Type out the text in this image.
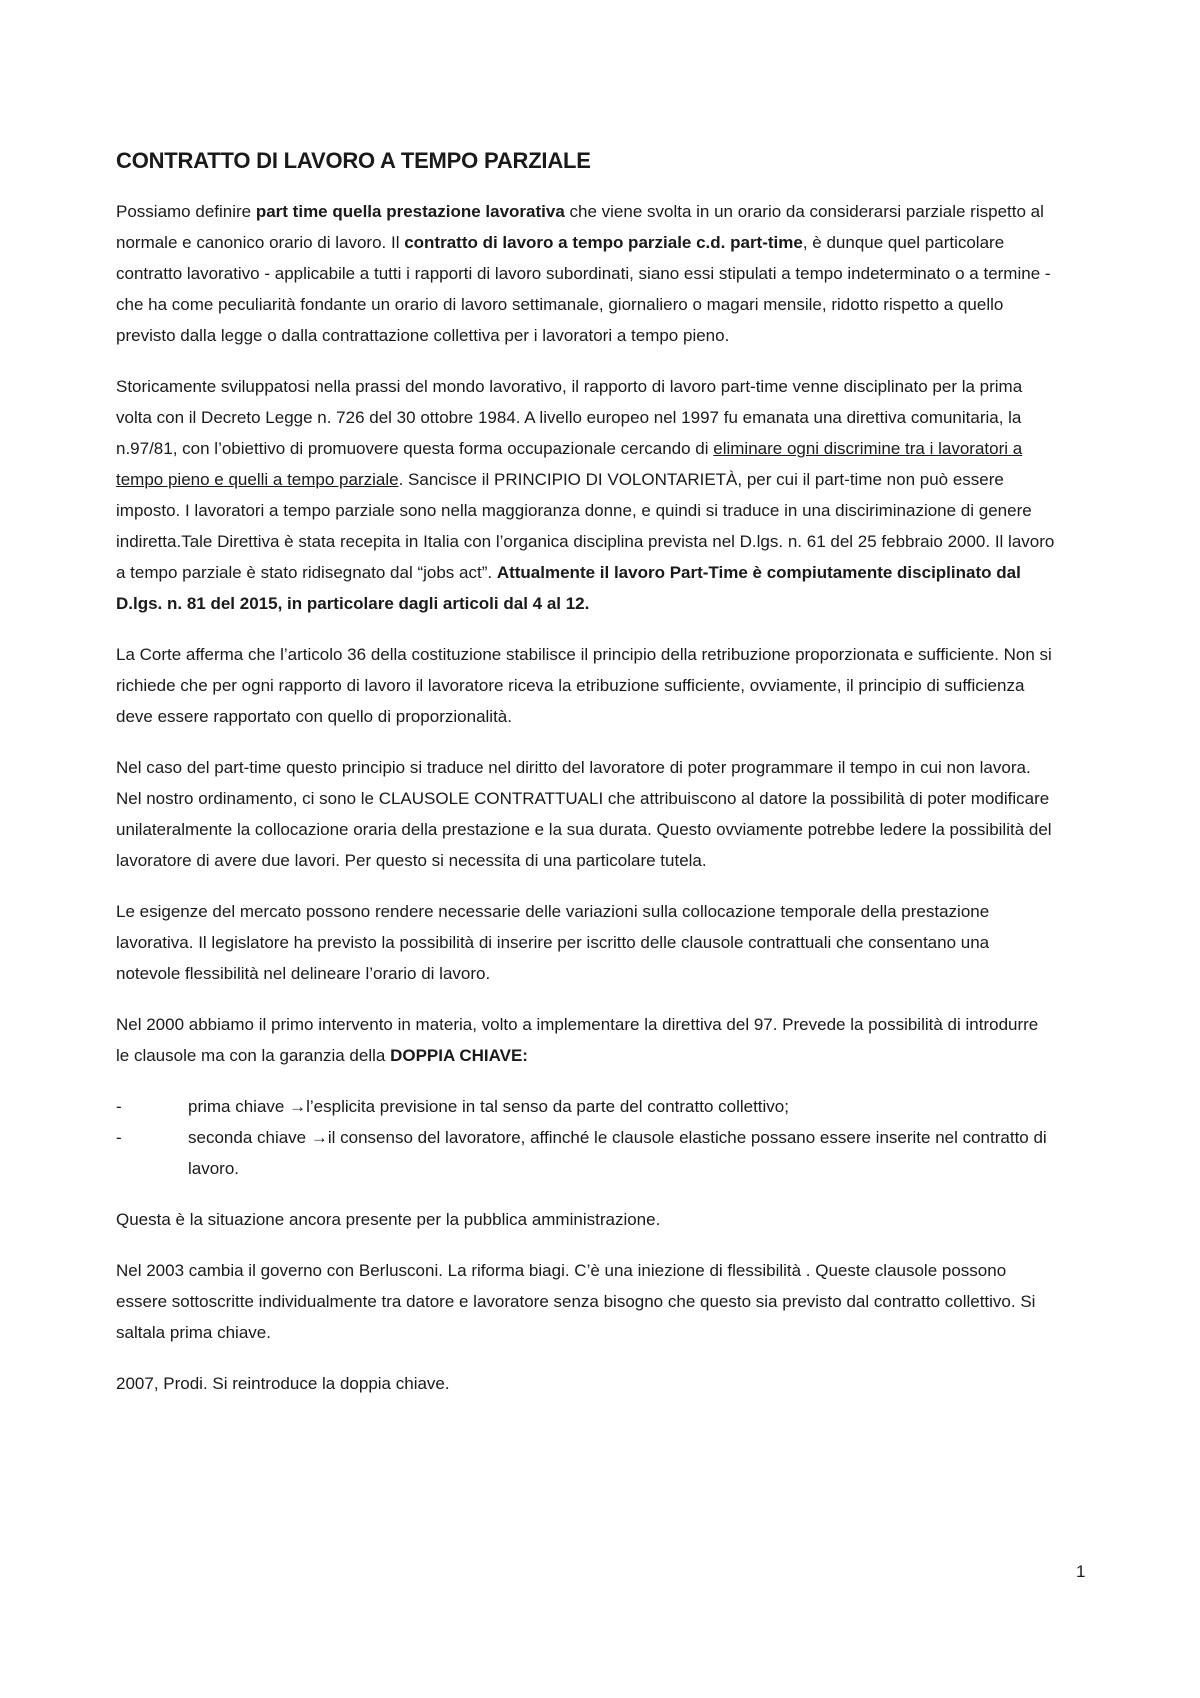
CONTRATTO DI LAVORO A TEMPO PARZIALE

Possiamo definire part time quella prestazione lavorativa che viene svolta in un orario da considerarsi parziale rispetto al normale e canonico orario di lavoro. Il contratto di lavoro a tempo parziale c.d. part-time, è dunque quel particolare contratto lavorativo - applicabile a tutti i rapporti di lavoro subordinati, siano essi stipulati a tempo indeterminato o a termine - che ha come peculiarità fondante un orario di lavoro settimanale, giornaliero o magari mensile, ridotto rispetto a quello previsto dalla legge o dalla contrattazione collettiva per i lavoratori a tempo pieno.

Storicamente sviluppatosi nella prassi del mondo lavorativo, il rapporto di lavoro part-time venne disciplinato per la prima volta con il Decreto Legge n. 726 del 30 ottobre 1984. A livello europeo nel 1997 fu emanata una direttiva comunitaria, la n.97/81, con l’obiettivo di promuovere questa forma occupazionale cercando di eliminare ogni discrimine tra i lavoratori a tempo pieno e quelli a tempo parziale. Sancisce il PRINCIPIO DI VOLONTARIETÀ, per cui il part-time non può essere imposto. I lavoratori a tempo parziale sono nella maggioranza donne, e quindi si traduce in una disciriminazione di genere indiretta.Tale Direttiva è stata recepita in Italia con l’organica disciplina prevista nel D.lgs. n. 61 del 25 febbraio 2000. Il lavoro a tempo parziale è stato ridisegnato dal “jobs act”. Attualmente il lavoro Part-Time è compiutamente disciplinato dal D.lgs. n. 81 del 2015, in particolare dagli articoli dal 4 al 12.

La Corte afferma che l’articolo 36 della costituzione stabilisce il principio della retribuzione proporzionata e sufficiente. Non si richiede che per ogni rapporto di lavoro il lavoratore riceva la etribuzione sufficiente, ovviamente, il principio di sufficienza deve essere rapportato con quello di proporzionalità.

Nel caso del part-time questo principio si traduce nel diritto del lavoratore di poter programmare il tempo in cui non lavora. Nel nostro ordinamento, ci sono le CLAUSOLE CONTRATTUALI che attribuiscono al datore la possibilità di poter modificare unilateralmente la collocazione oraria della prestazione e la sua durata. Questo ovviamente potrebbe ledere la possibilità del lavoratore di avere due lavori. Per questo si necessita di una particolare tutela.

Le esigenze del mercato possono rendere necessarie delle variazioni sulla collocazione temporale della prestazione lavorativa. Il legislatore ha previsto la possibilità di inserire per iscritto delle clausole contrattuali che consentano una notevole flessibilità nel delineare l’orario di lavoro.

Nel 2000 abbiamo il primo intervento in materia, volto a implementare la direttiva del 97. Prevede la possibilità di introdurre le clausole ma con la garanzia della DOPPIA CHIAVE:

-	prima chiave →l’esplicita previsione in tal senso da parte del contratto collettivo;
-	seconda chiave →il consenso del lavoratore, affinché le clausole elastiche possano essere inserite nel contratto di lavoro.

Questa è la situazione ancora presente per la pubblica amministrazione.

Nel 2003 cambia il governo con Berlusconi. La riforma biagi. C’è una iniezione di flessibilità . Queste clausole possono essere sottoscritte individualmente tra datore e lavoratore senza bisogno che questo sia previsto dal contratto collettivo. Si saltala prima chiave.

2007, Prodi. Si reintroduce la doppia chiave.

1
